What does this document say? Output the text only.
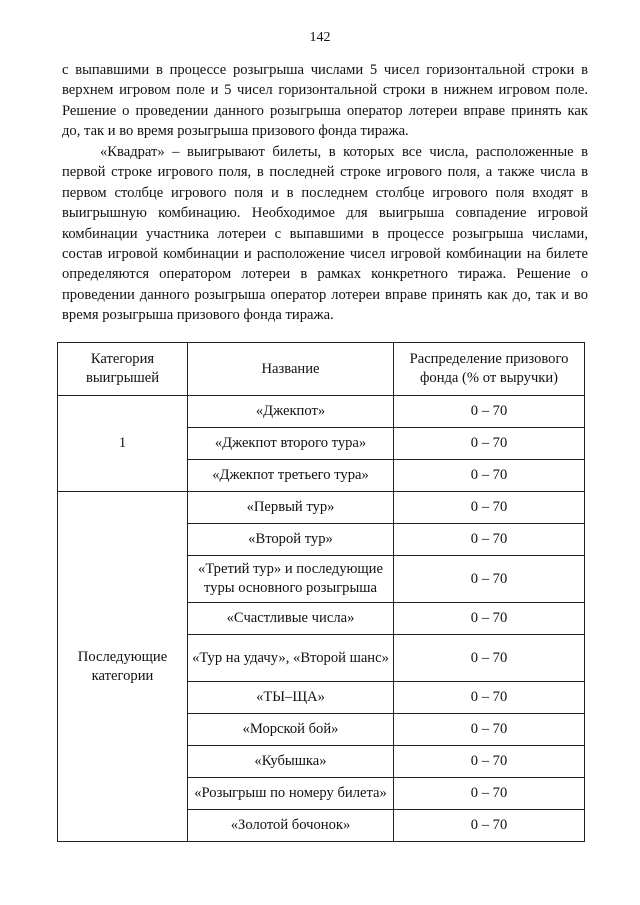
142

с выпавшими в процессе розыгрыша числами 5 чисел горизонтальной строки в верхнем игровом поле и 5 чисел горизонтальной строки в нижнем игровом поле. Решение о проведении данного розыгрыша оператор лотереи вправе принять как до, так и во время розыгрыша призового фонда тиража.

«Квадрат» – выигрывают билеты, в которых все числа, расположенные в первой строке игрового поля, в последней строке игрового поля, а также числа в первом столбце игрового поля и в последнем столбце игрового поля входят в выигрышную комбинацию. Необходимое для выигрыша совпадение игровой комбинации участника лотереи с выпавшими в процессе розыгрыша числами, состав игровой комбинации и расположение чисел игровой комбинации на билете определяются оператором лотереи в рамках конкретного тиража. Решение о проведении данного розыгрыша оператор лотереи вправе принять как до, так и во время розыгрыша призового фонда тиража.

Категория выигрышей	Название	Распределение призового фонда (% от выручки)
1	«Джекпот»	0 – 70
	«Джекпот второго тура»	0 – 70
	«Джекпот третьего тура»	0 – 70
Последующие категории	«Первый тур»	0 – 70
	«Второй тур»	0 – 70
	«Третий тур» и последующие туры основного розыгрыша	0 – 70
	«Счастливые числа»	0 – 70
	«Тур на удачу», «Второй шанс»	0 – 70
	«ТЫ–ЩА»	0 – 70
	«Морской бой»	0 – 70
	«Кубышка»	0 – 70
	«Розыгрыш по номеру билета»	0 – 70
	«Золотой бочонок»	0 – 70
